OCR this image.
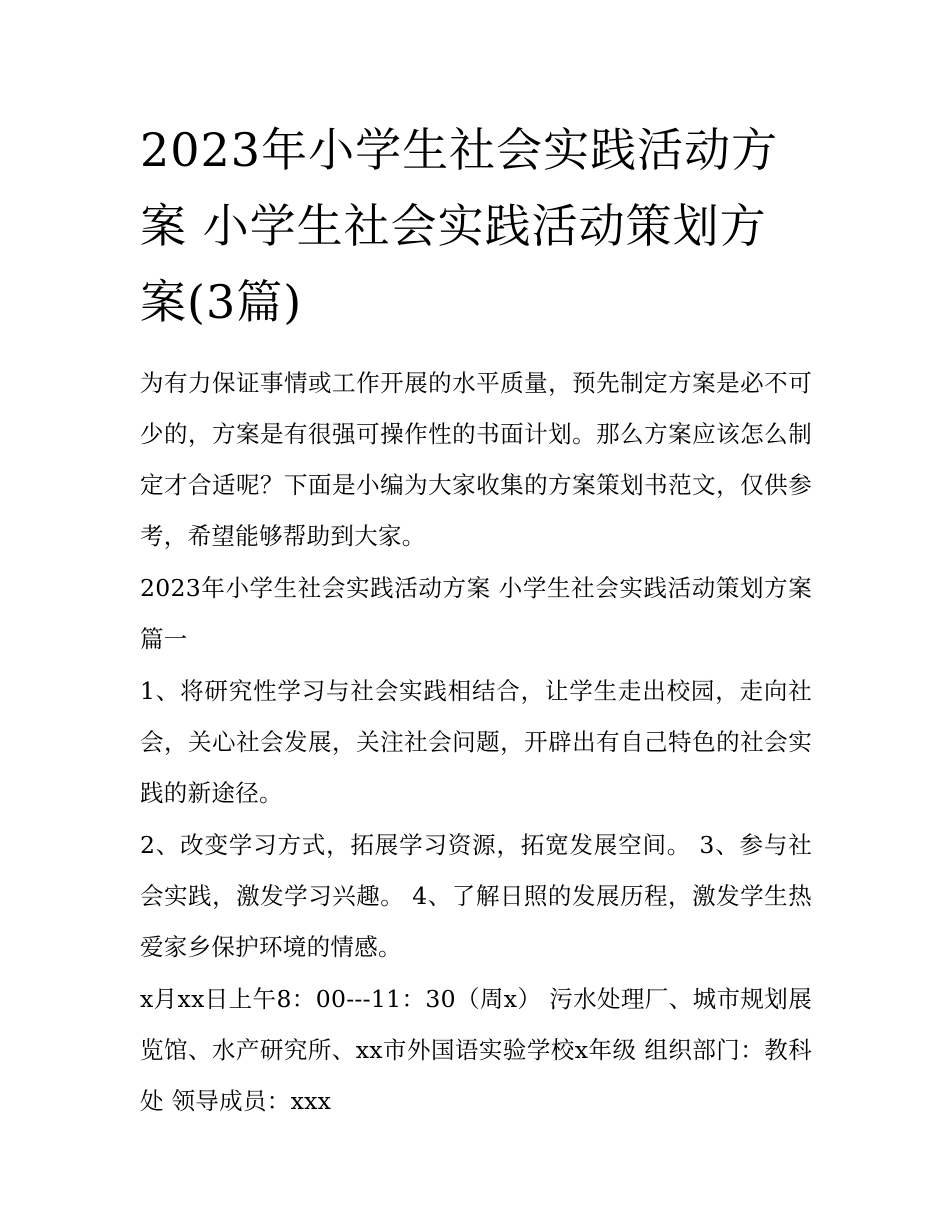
2023年小学生社会实践活动方案 小学生社会实践活动策划方案(3篇)

为有力保证事情或工作开展的水平质量，预先制定方案是必不可少的，方案是有很强可操作性的书面计划。那么方案应该怎么制定才合适呢？下面是小编为大家收集的方案策划书范文，仅供参考，希望能够帮助到大家。

2023年小学生社会实践活动方案 小学生社会实践活动策划方案篇一

1、将研究性学习与社会实践相结合，让学生走出校园，走向社会，关心社会发展，关注社会问题，开辟出有自己特色的社会实践的新途径。

2、改变学习方式，拓展学习资源，拓宽发展空间。 3、参与社会实践，激发学习兴趣。 4、了解日照的发展历程，激发学生热爱家乡保护环境的情感。

x月xx日上午8：00---11：30（周x） 污水处理厂、城市规划展览馆、水产研究所、xx市外国语实验学校x年级 组织部门：教科处 领导成员：xxx
